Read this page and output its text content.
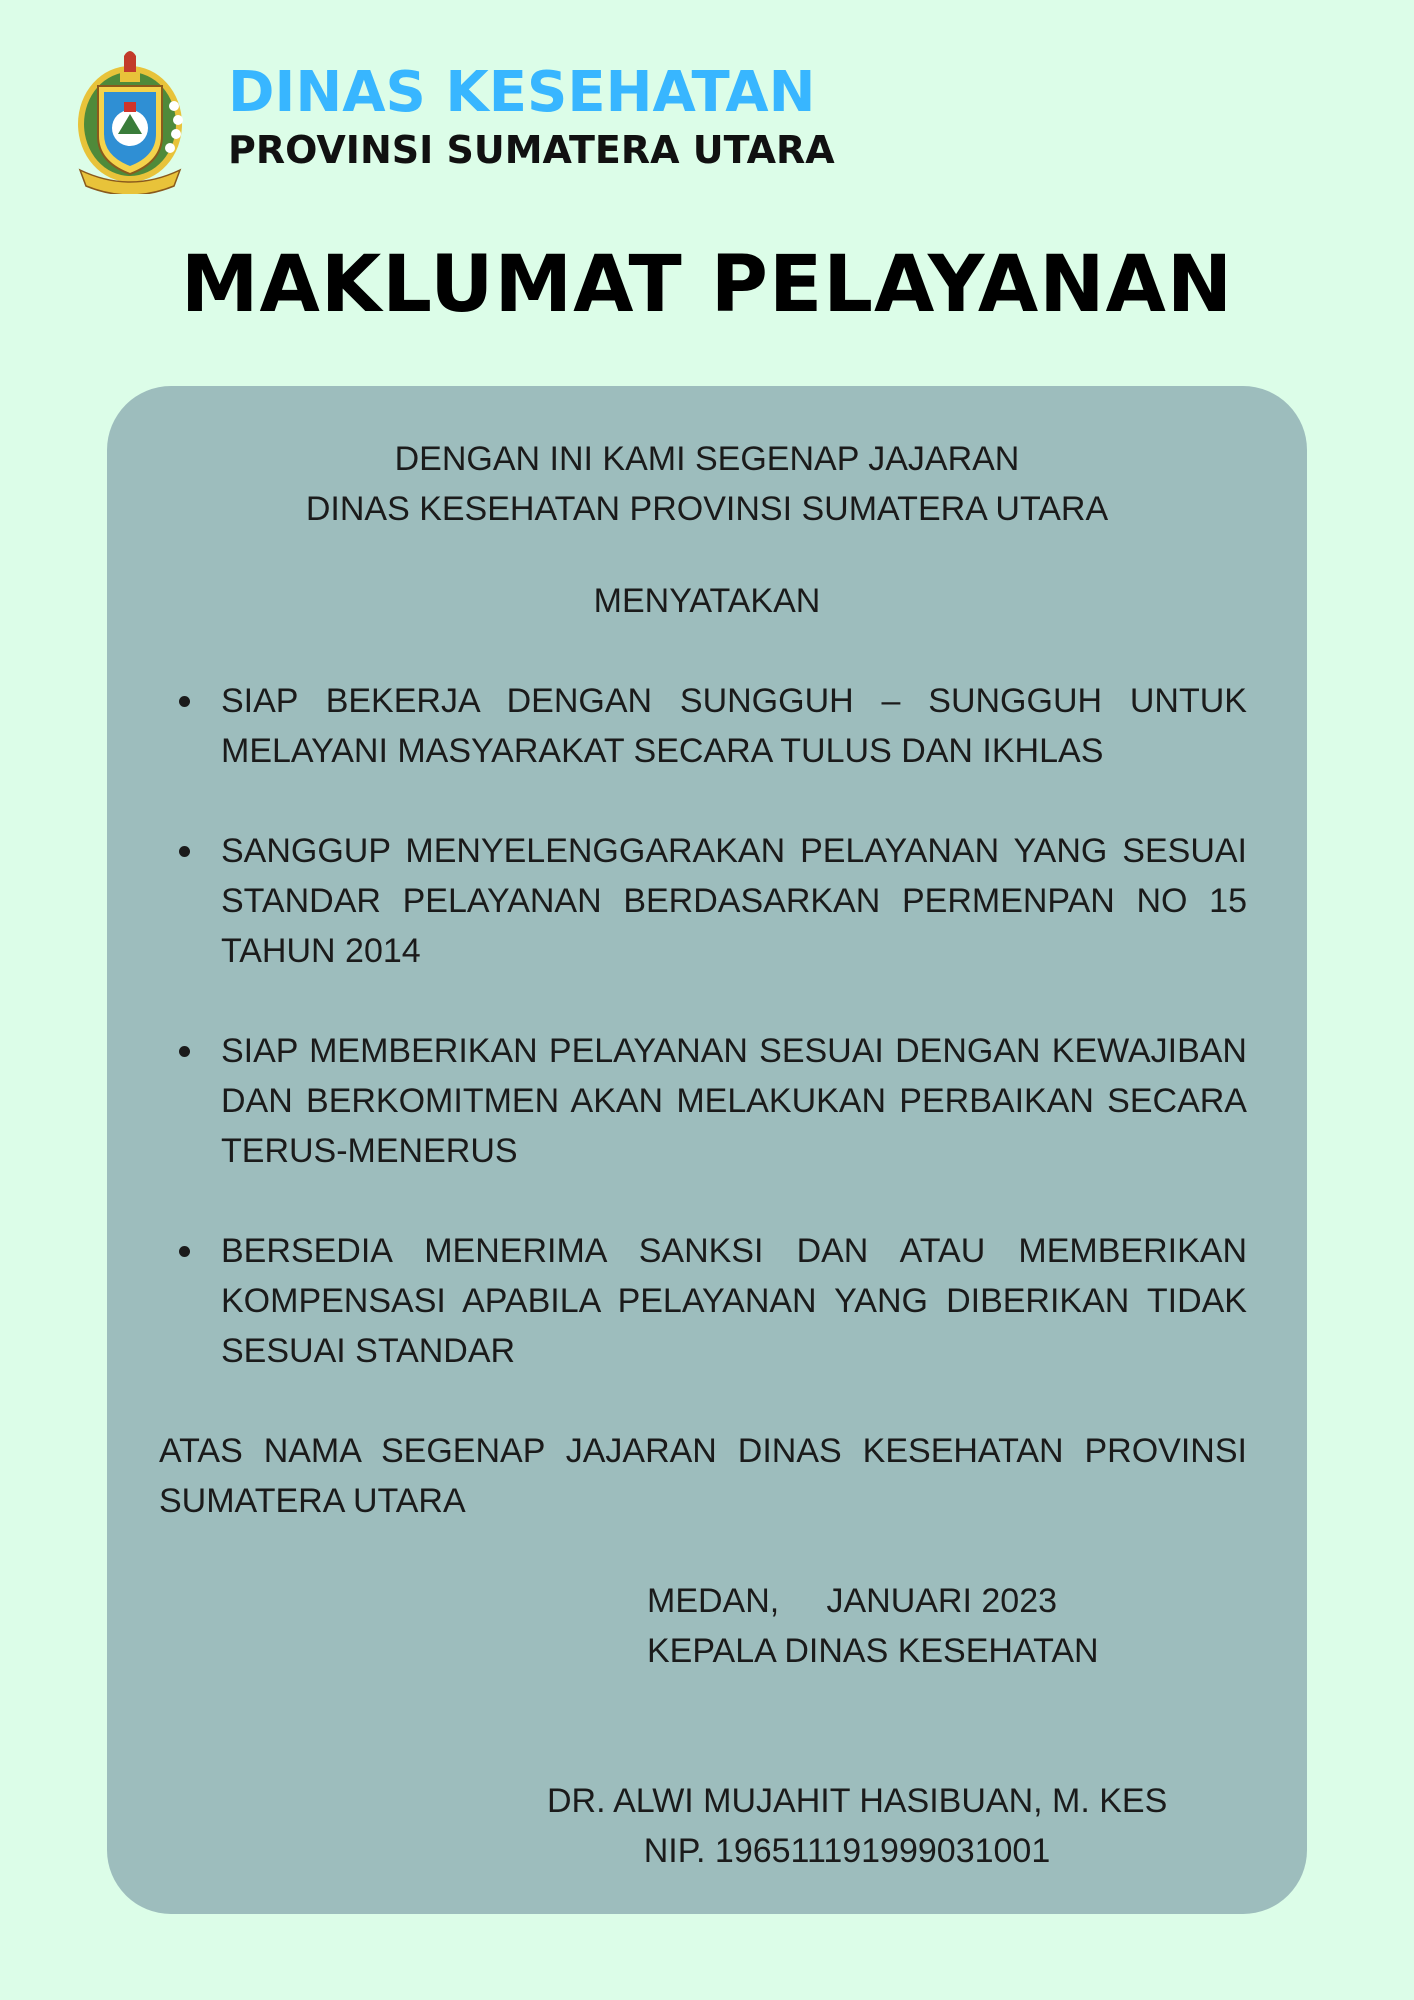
DINAS KESEHATAN
PROVINSI SUMATERA UTARA
MAKLUMAT PELAYANAN
DENGAN INI KAMI SEGENAP JAJARAN
DINAS KESEHATAN PROVINSI SUMATERA UTARA
MENYATAKAN
SIAP BEKERJA DENGAN SUNGGUH – SUNGGUH UNTUK MELAYANI MASYARAKAT SECARA TULUS DAN IKHLAS
SANGGUP MENYELENGGARAKAN PELAYANAN YANG SESUAI STANDAR PELAYANAN BERDASARKAN PERMENPAN NO 15 TAHUN 2014
SIAP MEMBERIKAN PELAYANAN SESUAI DENGAN KEWAJIBAN DAN BERKOMITMEN AKAN MELAKUKAN PERBAIKAN SECARA TERUS-MENERUS
BERSEDIA MENERIMA SANKSI DAN ATAU MEMBERIKAN KOMPENSASI APABILA PELAYANAN YANG DIBERIKAN TIDAK SESUAI STANDAR
ATAS NAMA SEGENAP JAJARAN DINAS KESEHATAN PROVINSI SUMATERA UTARA
MEDAN,     JANUARI 2023
KEPALA DINAS KESEHATAN
DR. ALWI MUJAHIT HASIBUAN, M. KES
NIP. 196511191999031001
